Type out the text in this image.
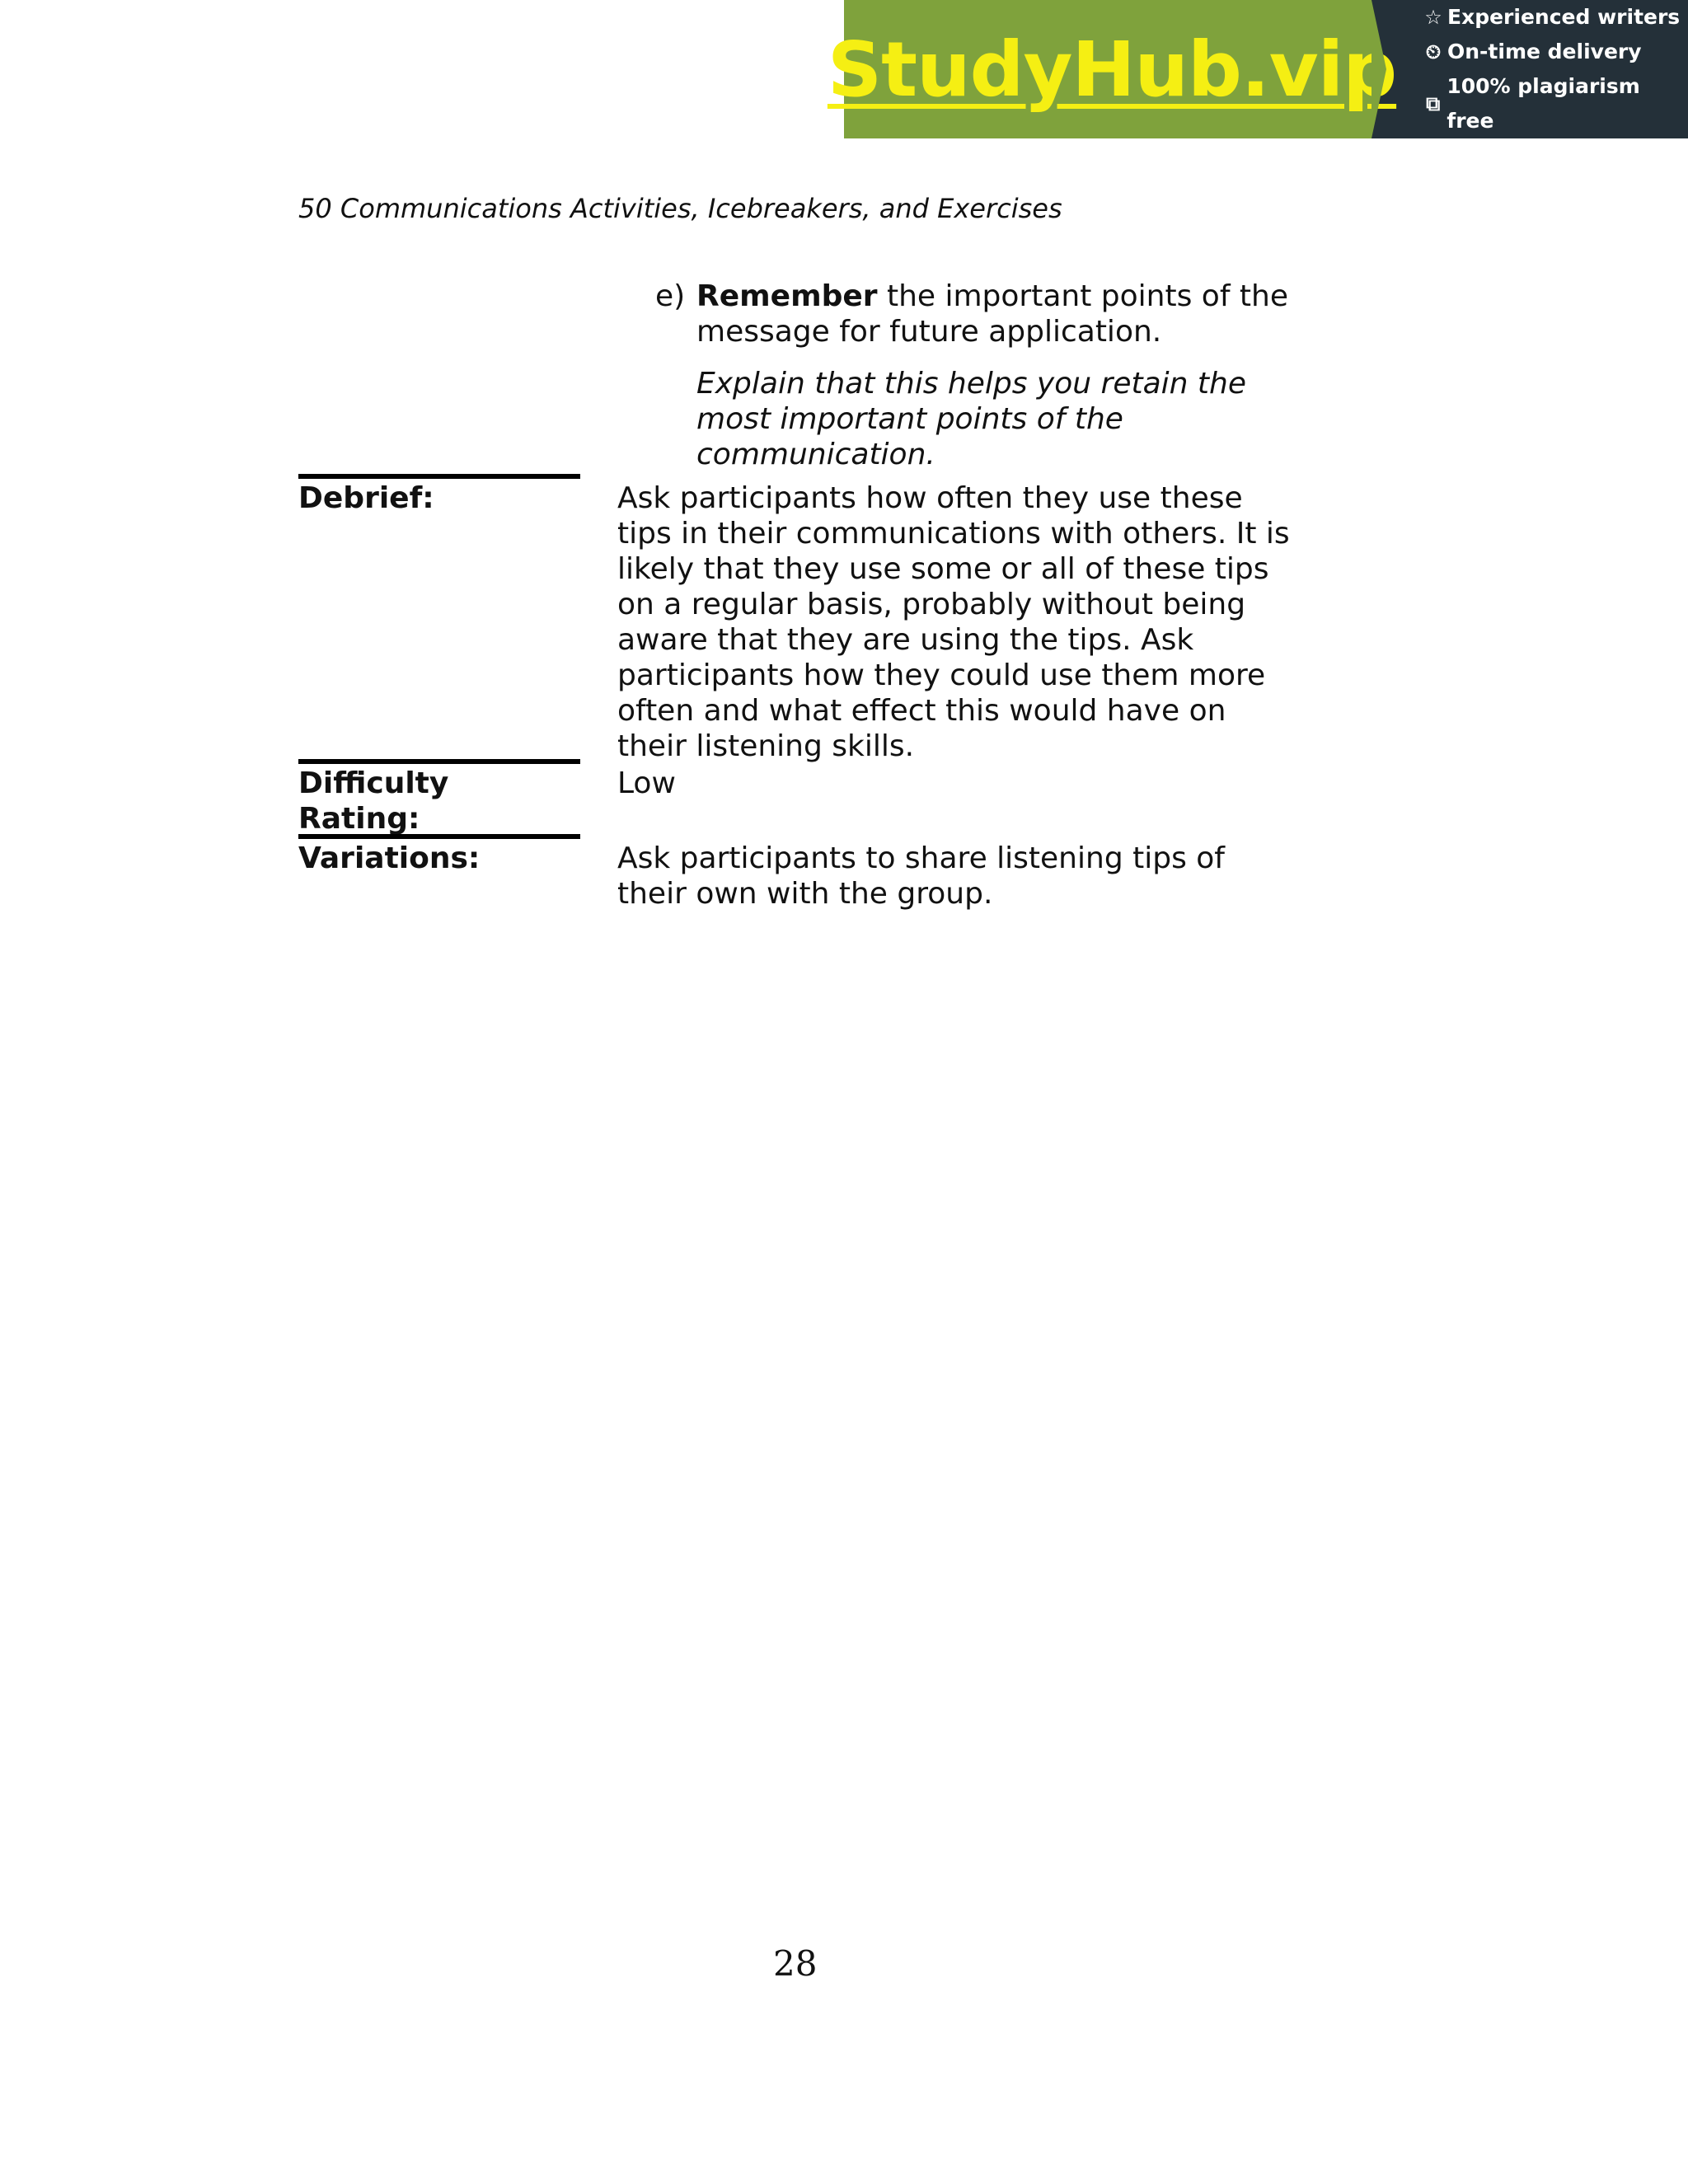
StudyHub.vip
☆ Experienced writers
⏲ On-time delivery
⧉
100% plagiarism free
50 Communications Activities, Icebreakers, and Exercises
e) Remember the important points of the message for future application.
Explain that this helps you retain the most important points of the communication.
Debrief:	Ask participants how often they use these tips in their communications with others. It is likely that they use some or all of these tips on a regular basis, probably without being aware that they are using the tips. Ask participants how they could use them more often and what effect this would have on their listening skills.
Difficulty Rating:
Low
Variations:	Ask participants to share listening tips of their own with the group.
28
